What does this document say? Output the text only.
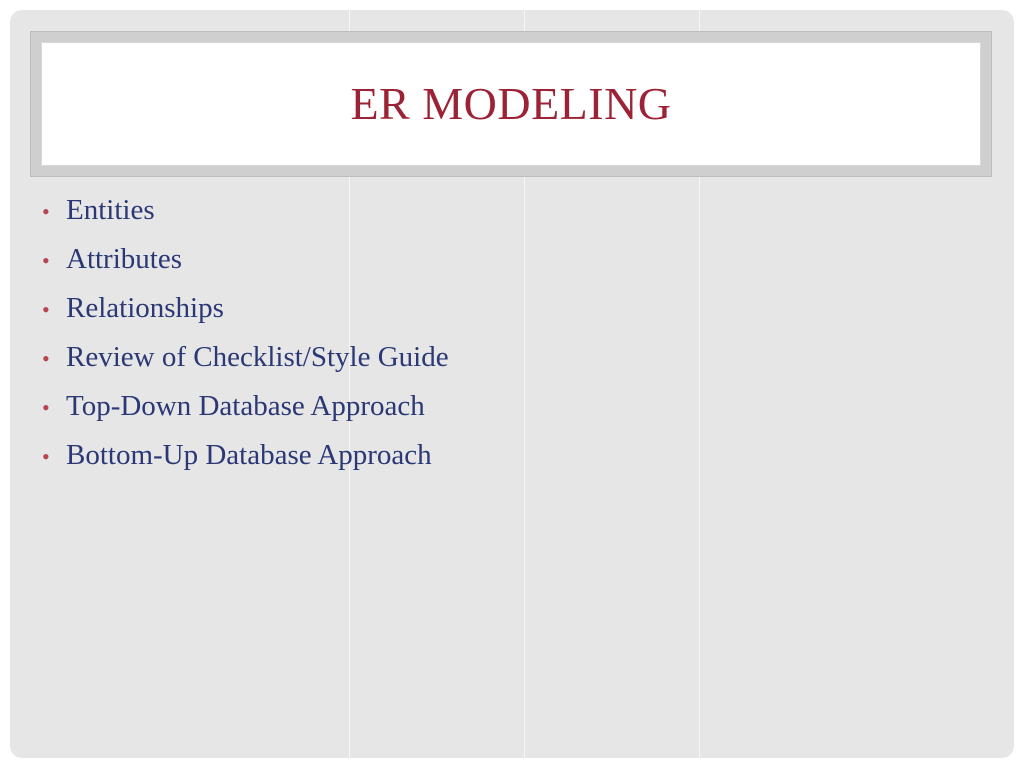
ER MODELING
• Entities
• Attributes
• Relationships
• Review of Checklist/Style Guide
• Top-Down Database Approach
• Bottom-Up Database Approach
